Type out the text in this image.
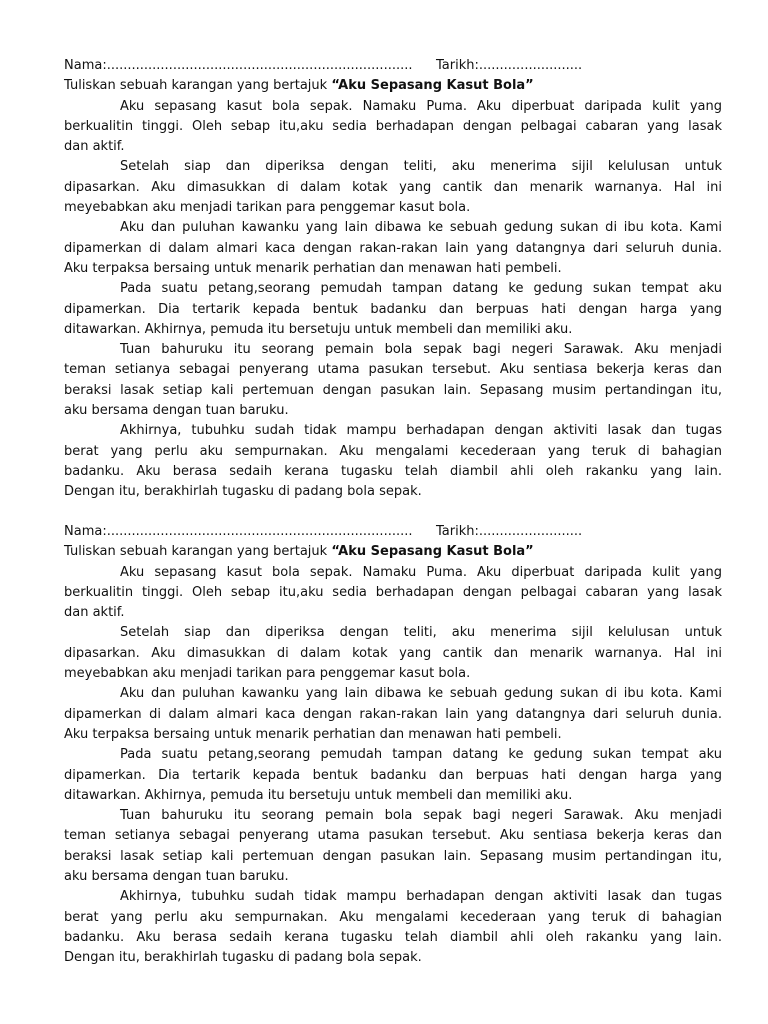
Nama:.......................................................................... Tarikh:.........................
Tuliskan sebuah karangan yang bertajuk “Aku Sepasang Kasut Bola”
Aku sepasang kasut bola sepak. Namaku Puma. Aku diperbuat daripada kulit yang
berkualitin tinggi. Oleh sebap itu,aku sedia berhadapan dengan pelbagai cabaran yang lasak
dan aktif.
Setelah siap dan diperiksa dengan teliti, aku menerima sijil kelulusan untuk
dipasarkan. Aku dimasukkan di dalam kotak yang cantik dan menarik warnanya. Hal ini
meyebabkan aku menjadi tarikan para penggemar kasut bola.
Aku dan puluhan kawanku yang lain dibawa ke sebuah gedung sukan di ibu kota. Kami
dipamerkan di dalam almari kaca dengan rakan-rakan lain yang datangnya dari seluruh dunia.
Aku terpaksa bersaing untuk menarik perhatian dan menawan hati pembeli.
Pada suatu petang,seorang pemudah tampan datang ke gedung sukan tempat aku
dipamerkan. Dia tertarik kepada bentuk badanku dan berpuas hati dengan harga yang
ditawarkan. Akhirnya, pemuda itu bersetuju untuk membeli dan memiliki aku.
Tuan bahuruku itu seorang pemain bola sepak bagi negeri Sarawak. Aku menjadi
teman setianya sebagai penyerang utama pasukan tersebut. Aku sentiasa bekerja keras dan
beraksi lasak setiap kali pertemuan dengan pasukan lain. Sepasang musim pertandingan itu,
aku bersama dengan tuan baruku.
Akhirnya, tubuhku sudah tidak mampu berhadapan dengan aktiviti lasak dan tugas
berat yang perlu aku sempurnakan. Aku mengalami kecederaan yang teruk di bahagian
badanku. Aku berasa sedaih kerana tugasku telah diambil ahli oleh rakanku yang lain.
Dengan itu, berakhirlah tugasku di padang bola sepak.
Nama:.......................................................................... Tarikh:.........................
Tuliskan sebuah karangan yang bertajuk “Aku Sepasang Kasut Bola”
Aku sepasang kasut bola sepak. Namaku Puma. Aku diperbuat daripada kulit yang
berkualitin tinggi. Oleh sebap itu,aku sedia berhadapan dengan pelbagai cabaran yang lasak
dan aktif.
Setelah siap dan diperiksa dengan teliti, aku menerima sijil kelulusan untuk
dipasarkan. Aku dimasukkan di dalam kotak yang cantik dan menarik warnanya. Hal ini
meyebabkan aku menjadi tarikan para penggemar kasut bola.
Aku dan puluhan kawanku yang lain dibawa ke sebuah gedung sukan di ibu kota. Kami
dipamerkan di dalam almari kaca dengan rakan-rakan lain yang datangnya dari seluruh dunia.
Aku terpaksa bersaing untuk menarik perhatian dan menawan hati pembeli.
Pada suatu petang,seorang pemudah tampan datang ke gedung sukan tempat aku
dipamerkan. Dia tertarik kepada bentuk badanku dan berpuas hati dengan harga yang
ditawarkan. Akhirnya, pemuda itu bersetuju untuk membeli dan memiliki aku.
Tuan bahuruku itu seorang pemain bola sepak bagi negeri Sarawak. Aku menjadi
teman setianya sebagai penyerang utama pasukan tersebut. Aku sentiasa bekerja keras dan
beraksi lasak setiap kali pertemuan dengan pasukan lain. Sepasang musim pertandingan itu,
aku bersama dengan tuan baruku.
Akhirnya, tubuhku sudah tidak mampu berhadapan dengan aktiviti lasak dan tugas
berat yang perlu aku sempurnakan. Aku mengalami kecederaan yang teruk di bahagian
badanku. Aku berasa sedaih kerana tugasku telah diambil ahli oleh rakanku yang lain.
Dengan itu, berakhirlah tugasku di padang bola sepak.
